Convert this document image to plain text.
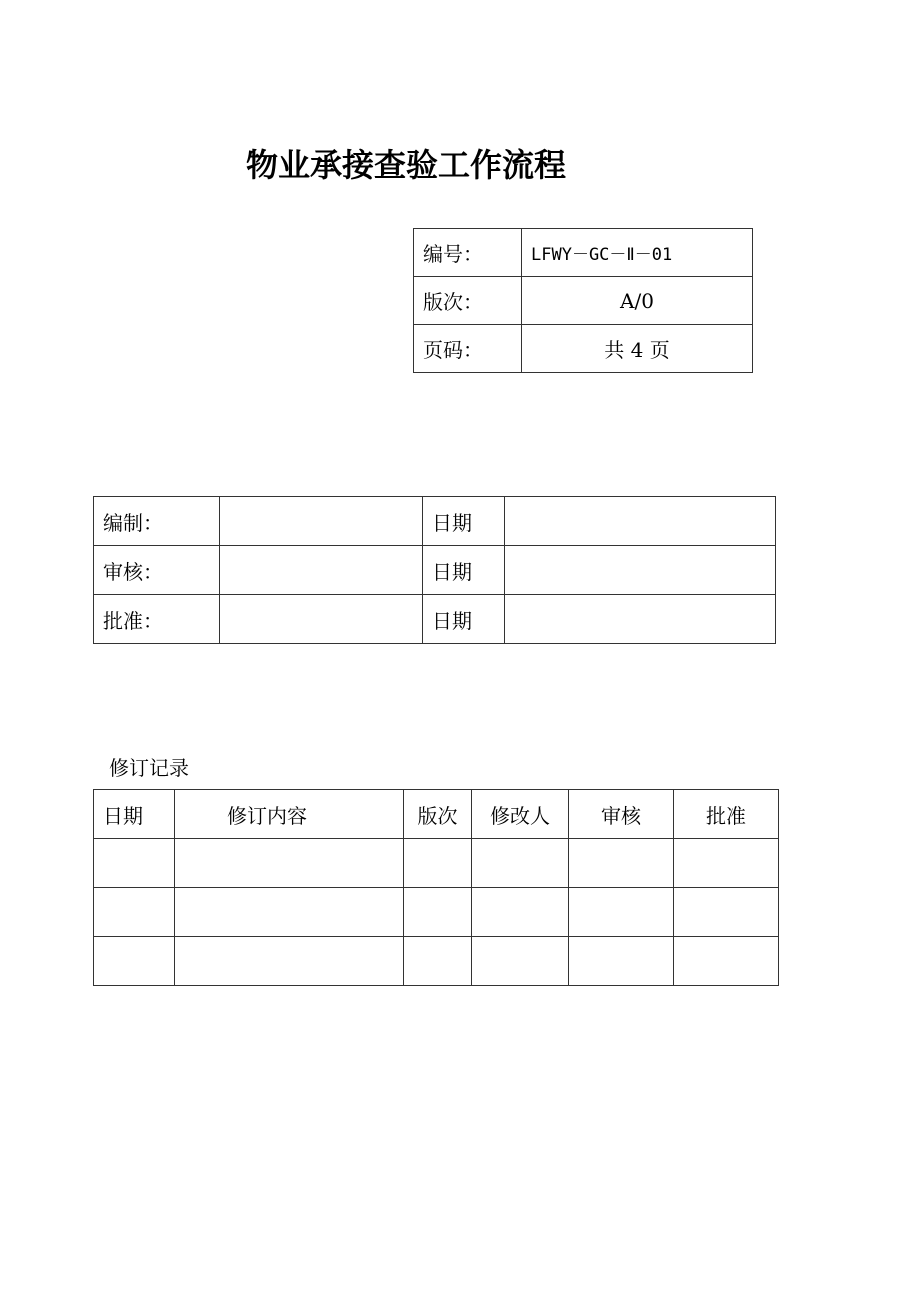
物业承接查验工作流程
编号：	LFWY－GC－Ⅱ－01
版次：	A/0
页码：	共 4 页
编制：		日期	
审核：		日期	
批准：		日期	
修订记录
日期	修订内容	版次	修改人	审核	批准
